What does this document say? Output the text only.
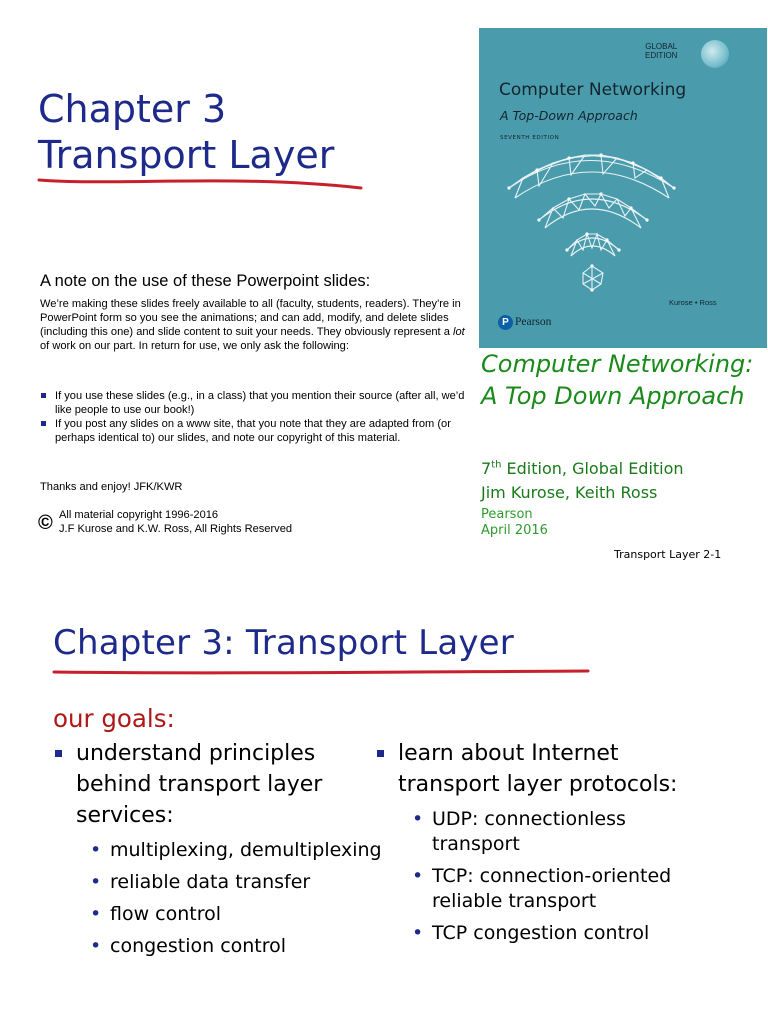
Chapter 3
Transport Layer
A note on the use of these Powerpoint slides:
We’re making these slides freely available to all (faculty, students, readers). They're in PowerPoint form so you see the animations; and can add, modify, and delete slides (including this one) and slide content to suit your needs. They obviously represent a lot of work on our part. In return for use, we only ask the following:
If you use these slides (e.g., in a class) that you mention their source (after all, we’d like people to use our book!)
If you post any slides on a www site, that you note that they are adapted from (or perhaps identical to) our slides, and note our copyright of this material.
Thanks and enjoy! JFK/KWR
© All material copyright 1996-2016
J.F Kurose and K.W. Ross, All Rights Reserved
GLOBAL
EDITION
Computer Networking
A Top-Down Approach
SEVENTH EDITION
Kurose • Ross
P Pearson
Computer Networking: A Top Down Approach
7th Edition, Global Edition
Jim Kurose, Keith Ross
Pearson
April 2016
Transport Layer 2-1
Chapter 3: Transport Layer
our goals:
understand principles behind transport layer services:
• multiplexing, demultiplexing
• reliable data transfer
• flow control
• congestion control
learn about Internet transport layer protocols:
• UDP: connectionless transport
• TCP: connection-oriented reliable transport
• TCP congestion control
